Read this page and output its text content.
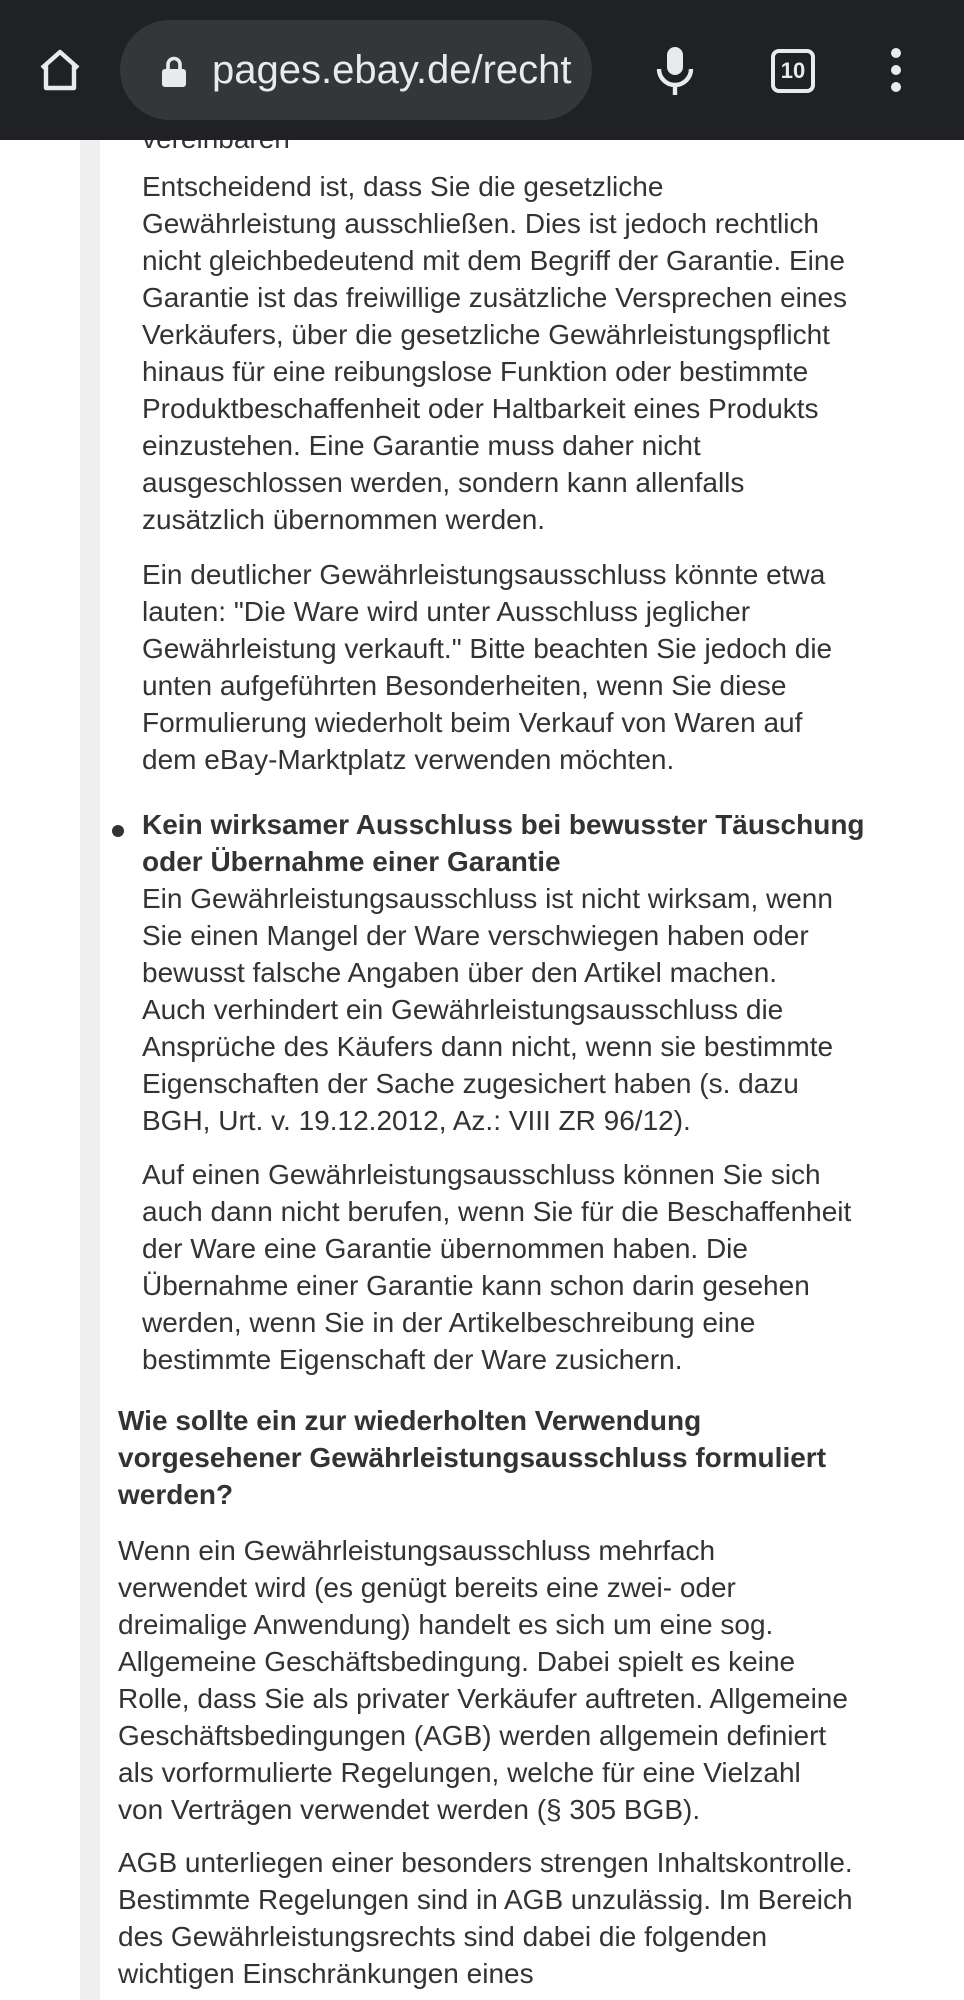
Entscheidend ist, dass Sie die gesetzliche
Gewährleistung ausschließen. Dies ist jedoch rechtlich
nicht gleichbedeutend mit dem Begriff der Garantie. Eine
Garantie ist das freiwillige zusätzliche Versprechen eines
Verkäufers, über die gesetzliche Gewährleistungspflicht
hinaus für eine reibungslose Funktion oder bestimmte
Produktbeschaffenheit oder Haltbarkeit eines Produkts
einzustehen. Eine Garantie muss daher nicht
ausgeschlossen werden, sondern kann allenfalls
zusätzlich übernommen werden.

Ein deutlicher Gewährleistungsausschluss könnte etwa
lauten: "Die Ware wird unter Ausschluss jeglicher
Gewährleistung verkauft." Bitte beachten Sie jedoch die
unten aufgeführten Besonderheiten, wenn Sie diese
Formulierung wiederholt beim Verkauf von Waren auf
dem eBay-Marktplatz verwenden möchten.

Kein wirksamer Ausschluss bei bewusster Täuschung
oder Übernahme einer Garantie

Ein Gewährleistungsausschluss ist nicht wirksam, wenn
Sie einen Mangel der Ware verschwiegen haben oder
bewusst falsche Angaben über den Artikel machen.
Auch verhindert ein Gewährleistungsausschluss die
Ansprüche des Käufers dann nicht, wenn sie bestimmte
Eigenschaften der Sache zugesichert haben (s. dazu
BGH, Urt. v. 19.12.2012, Az.: VIII ZR 96/12).

Auf einen Gewährleistungsausschluss können Sie sich
auch dann nicht berufen, wenn Sie für die Beschaffenheit
der Ware eine Garantie übernommen haben. Die
Übernahme einer Garantie kann schon darin gesehen
werden, wenn Sie in der Artikelbeschreibung eine
bestimmte Eigenschaft der Ware zusichern.

Wie sollte ein zur wiederholten Verwendung
vorgesehener Gewährleistungsausschluss formuliert
werden?

Wenn ein Gewährleistungsausschluss mehrfach
verwendet wird (es genügt bereits eine zwei- oder
dreimalige Anwendung) handelt es sich um eine sog.
Allgemeine Geschäftsbedingung. Dabei spielt es keine
Rolle, dass Sie als privater Verkäufer auftreten. Allgemeine
Geschäftsbedingungen (AGB) werden allgemein definiert
als vorformulierte Regelungen, welche für eine Vielzahl
von Verträgen verwendet werden (§ 305 BGB).

AGB unterliegen einer besonders strengen Inhaltskontrolle.
Bestimmte Regelungen sind in AGB unzulässig. Im Bereich
des Gewährleistungsrechts sind dabei die folgenden
wichtigen Einschränkungen eines

pages.ebay.de/recht	10
